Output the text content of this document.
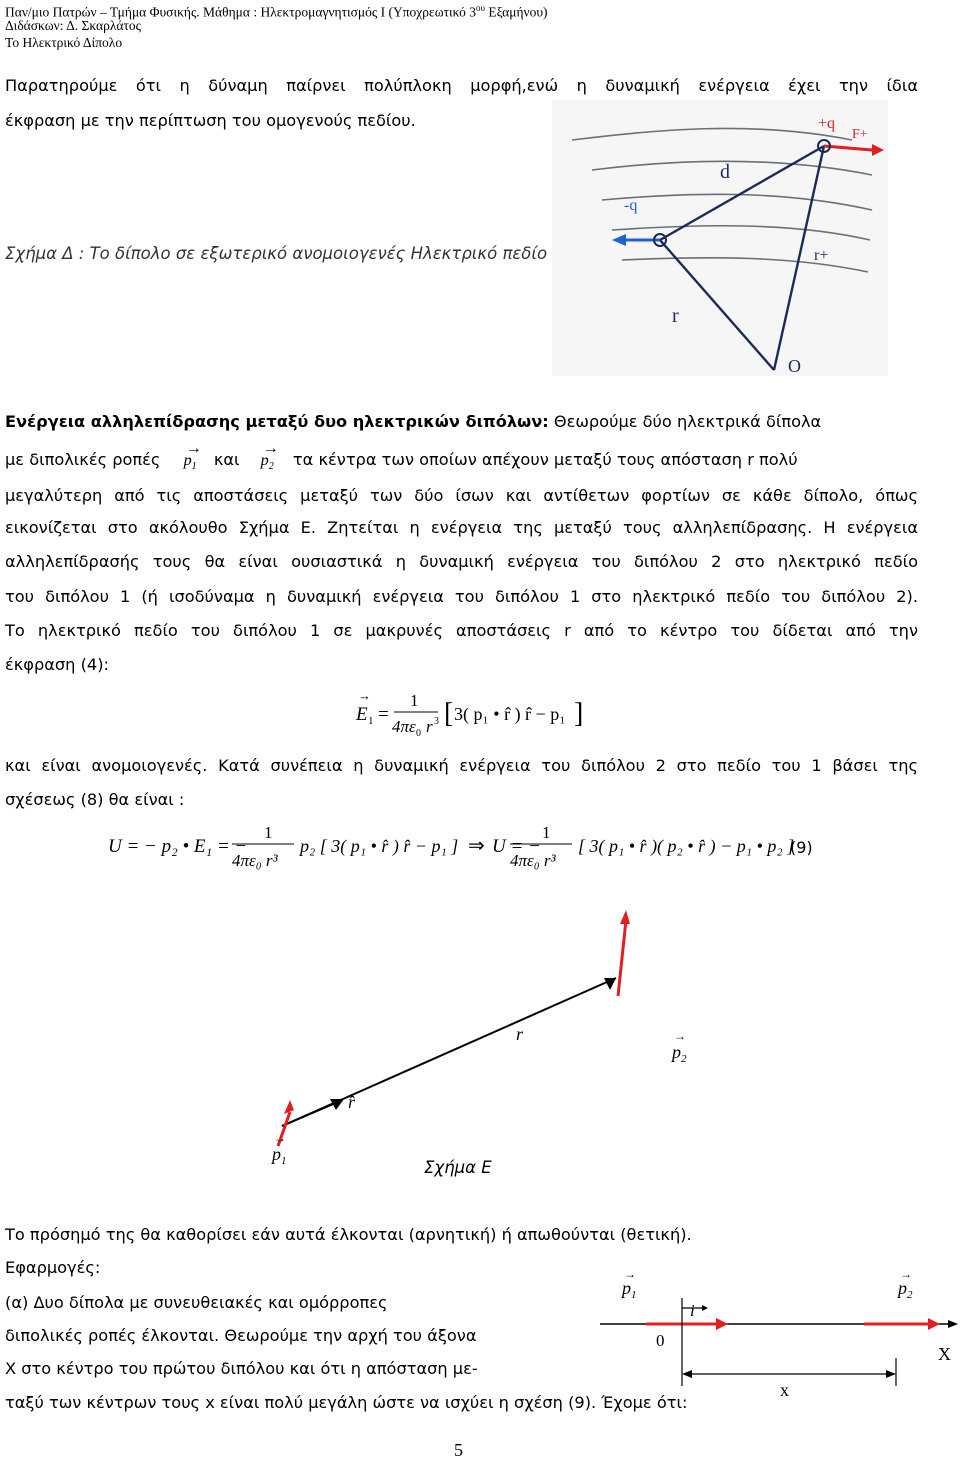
Παν/μιο Πατρών – Τμήμα Φυσικής. Μάθημα : Ηλεκτρομαγνητισμός Ι (Υποχρεωτικό $3^{o\upsilon}$ Εξαμήνου)
Διδάσκων: Δ. Σκαρλάτος
Το Ηλεκτρικό Δίπολο
Παρατηρούμε ότι η δύναμη παίρνει πολύπλοκη μορφή,ενώ η δυναμική ενέργεια έχει την ίδια
έκφραση με την περίπτωση του ομογενούς πεδίου.	+q
F+
-q
d
r
r+
O
Σχήμα Δ : Το δίπολο σε εξωτερικό ανομοιογενές Ηλεκτρικό πεδίο
Ενέργεια αλληλεπίδρασης μεταξύ δυο ηλεκτρικών διπόλων: Θεωρούμε δύο ηλεκτρικά δίπολα
με διπολικές ροπές
→
$p_1$ και
→
$p_2$ τα κέντρα των οποίων απέχουν μεταξύ τους απόσταση r πολύ
μεγαλύτερη από τις αποστάσεις μεταξύ των δύο ίσων και αντίθετων φορτίων σε κάθε δίπολο, όπως
εικονίζεται στο ακόλουθο Σχήμα Ε. Ζητείται η ενέργεια της μεταξύ τους αλληλεπίδρασης. Η ενέργεια
αλληλεπίδρασής τους θα είναι ουσιαστικά η δυναμική ενέργεια του διπόλου 2 στο ηλεκτρικό πεδίο
του διπόλου 1 (ή ισοδύναμα η δυναμική ενέργεια του διπόλου 1 στο ηλεκτρικό πεδίο του διπόλου 2).
Το ηλεκτρικό πεδίο του διπόλου 1 σε μακρυνές αποστάσεις r από το κέντρο του δίδεται από την
έκφραση (4):
E
→
1 =
1
4πε 0 r 3 [ 3( p₁ • r̂ ) r̂ − p₁ ]
και είναι ανομοιογενές. Κατά συνέπεια η δυναμική ενέργεια του διπόλου 2 στο πεδίο του 1 βάσει της
σχέσεως (8) θα είναι :
U = − p₂ • E₁ = −
1
4πε₀ r³
p₂ [ 3( p₁ • r̂ ) r̂ − p₁ ] ⇒ U = −
1
4πε₀ r³
[ 3( p₁ • r̂ )( p₂ • r̂ ) − p₁ • p₂ ]
(9)
r
$p_2$
→
r̂
$p_1$
→
Σχήμα Ε
Το πρόσημό της θα καθορίσει εάν αυτά έλκονται (αρνητική) ή απωθούνται (θετική).
Εφαρμογές:
(α) Δυο δίπολα με συνευθειακές και ομόρροπες
διπολικές ροπές έλκονται. Θεωρούμε την αρχή του άξονα
Χ στο κέντρο του πρώτου διπόλου και ότι η απόσταση με-
ταξύ των κέντρων τους x είναι πολύ μεγάλη ώστε να ισχύει η σχέση (9). Έχομε ότι:
$p_1$
→
$p_2$
→
i
0
X
x
5
